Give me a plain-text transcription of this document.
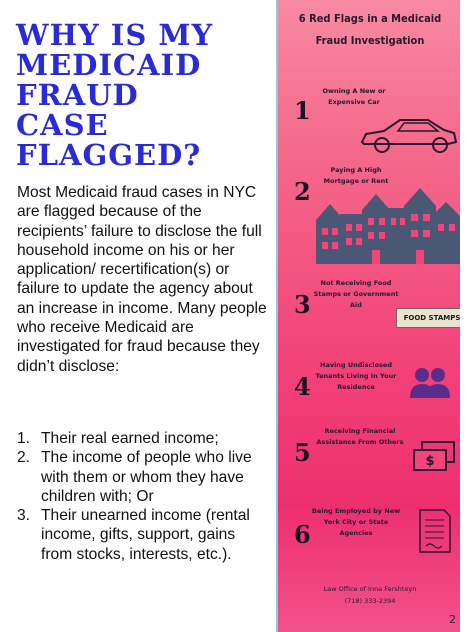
WHY IS MY
MEDICAID
FRAUD
CASE
FLAGGED?

Most Medicaid fraud cases in NYC are flagged because of the recipients’ failure to disclose the full household income on his or her application/ recertification(s) or failure to update the agency about an increase in income. Many people who receive Medicaid are investigated for fraud because they didn’t disclose:

1. Their real earned income;
2. The income of people who live with them or whom they have children with; Or
3. Their unearned income (rental income, gifts, support, gains from stocks, interests, etc.).
6 Red Flags in a Medicaid
Fraud Investigation
1
Owning A New or
Expensive Car
2
Paying A High
Mortgage or Rent
3
Not Receiving Food
Stamps or Government
Aid
FOOD STAMPS
4
Having Undisclosed
Tenants Living In Your
Residence
5
Receiving Financial
Assistance From Others
$
6
Being Employed by New
York City or State
Agencies
Law Office of Inna Fershteyn
(718) 333-2394
2
